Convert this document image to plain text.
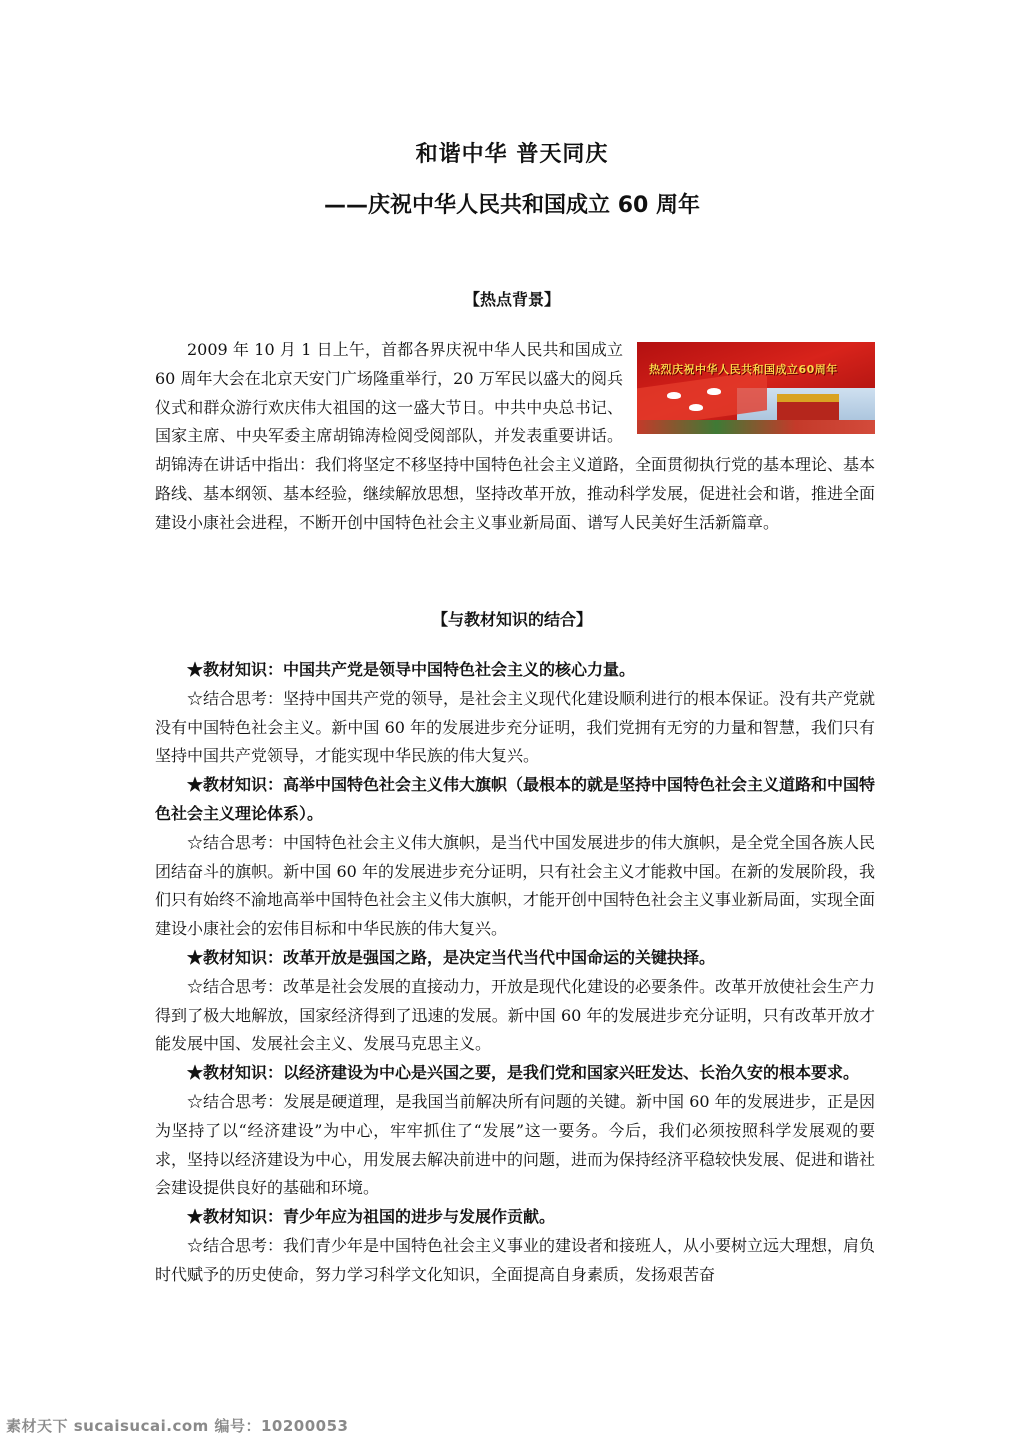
和谐中华 普天同庆
——庆祝中华人民共和国成立 60 周年
【热点背景】
热烈庆祝中华人民共和国成立60周年

2009 年 10 月 1 日上午，首都各界庆祝中华人民共和国成立 60 周年大会在北京天安门广场隆重举行，20 万军民以盛大的阅兵仪式和群众游行欢庆伟大祖国的这一盛大节日。中共中央总书记、国家主席、中央军委主席胡锦涛检阅受阅部队，并发表重要讲话。胡锦涛在讲话中指出：我们将坚定不移坚持中国特色社会主义道路，全面贯彻执行党的基本理论、基本路线、基本纲领、基本经验，继续解放思想，坚持改革开放，推动科学发展，促进社会和谐，推进全面建设小康社会进程，不断开创中国特色社会主义事业新局面、谱写人民美好生活新篇章。

【与教材知识的结合】

★教材知识：中国共产党是领导中国特色社会主义的核心力量。

☆结合思考：坚持中国共产党的领导，是社会主义现代化建设顺利进行的根本保证。没有共产党就没有中国特色社会主义。新中国 60 年的发展进步充分证明，我们党拥有无穷的力量和智慧，我们只有坚持中国共产党领导，才能实现中华民族的伟大复兴。

★教材知识：高举中国特色社会主义伟大旗帜（最根本的就是坚持中国特色社会主义道路和中国特色社会主义理论体系）。

☆结合思考：中国特色社会主义伟大旗帜，是当代中国发展进步的伟大旗帜，是全党全国各族人民团结奋斗的旗帜。新中国 60 年的发展进步充分证明，只有社会主义才能救中国。在新的发展阶段，我们只有始终不渝地高举中国特色社会主义伟大旗帜，才能开创中国特色社会主义事业新局面，实现全面建设小康社会的宏伟目标和中华民族的伟大复兴。

★教材知识：改革开放是强国之路，是决定当代当代中国命运的关键抉择。

☆结合思考：改革是社会发展的直接动力，开放是现代化建设的必要条件。改革开放使社会生产力得到了极大地解放，国家经济得到了迅速的发展。新中国 60 年的发展进步充分证明，只有改革开放才能发展中国、发展社会主义、发展马克思主义。

★教材知识：以经济建设为中心是兴国之要，是我们党和国家兴旺发达、长治久安的根本要求。

☆结合思考：发展是硬道理，是我国当前解决所有问题的关键。新中国 60 年的发展进步，正是因为坚持了以“经济建设”为中心，牢牢抓住了“发展”这一要务。今后，我们必须按照科学发展观的要求，坚持以经济建设为中心，用发展去解决前进中的问题，进而为保持经济平稳较快发展、促进和谐社会建设提供良好的基础和环境。

★教材知识：青少年应为祖国的进步与发展作贡献。

☆结合思考：我们青少年是中国特色社会主义事业的建设者和接班人，从小要树立远大理想，肩负时代赋予的历史使命，努力学习科学文化知识，全面提高自身素质，发扬艰苦奋

素材天下 sucaisucai.com 编号：10200053
